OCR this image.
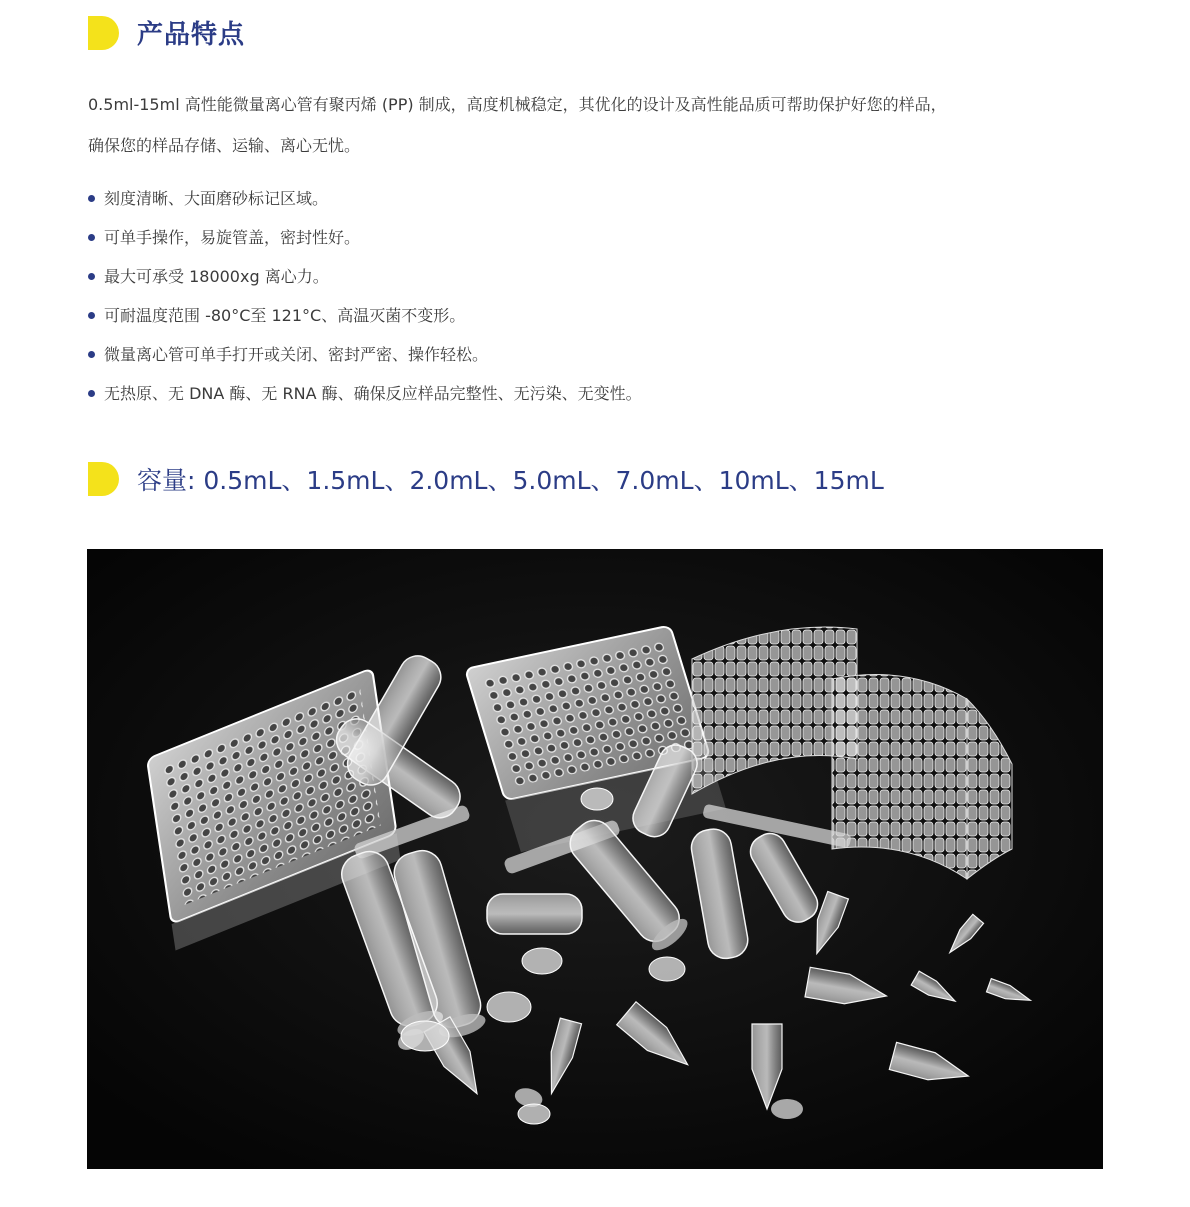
产品特点
0.5ml-15ml 高性能微量离心管有聚丙烯 (PP) 制成，高度机械稳定，其优化的设计及高性能品质可帮助保护好您的样品，
确保您的样品存储、运输、离心无忧。
刻度清晰、大面磨砂标记区域。
可单手操作，易旋管盖，密封性好。
最大可承受 18000xg 离心力。
可耐温度范围 -80°C至 121°C、高温灭菌不变形。
微量离心管可单手打开或关闭、密封严密、操作轻松。
无热原、无 DNA 酶、无 RNA 酶、确保反应样品完整性、无污染、无变性。
容量: 0.5mL、1.5mL、2.0mL、5.0mL、7.0mL、10mL、15mL
